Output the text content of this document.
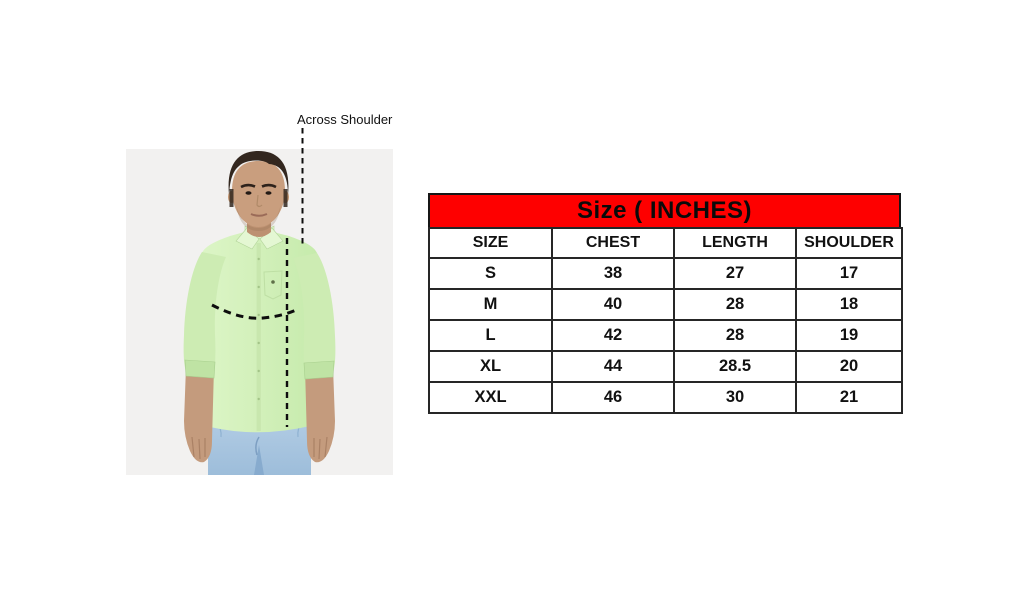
Across Shoulder
Size ( INCHES)
SIZE	CHEST	LENGTH	SHOULDER
S	38	27	17
M	40	28	18
L	42	28	19
XL	44	28.5	20
XXL	46	30	21
